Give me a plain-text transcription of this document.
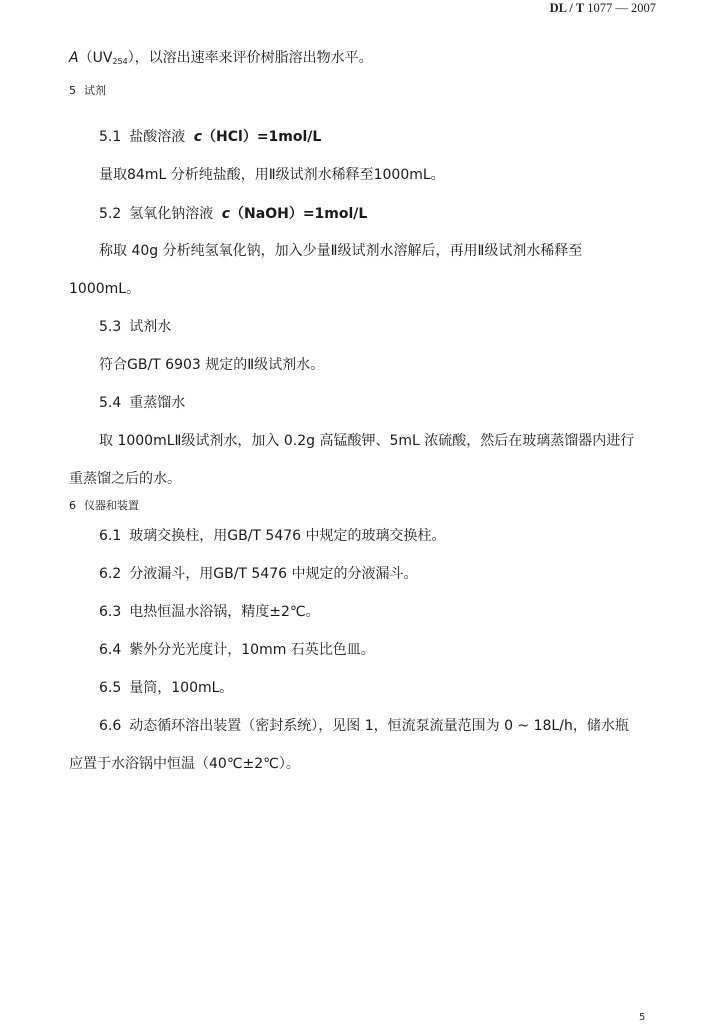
DL / T 1077 — 2007
A（UV254），以溶出速率来评价树脂溶出物水平。
5 试剂
5.1 盐酸溶液 c（HCl）=1mol/L
量取84mL 分析纯盐酸，用Ⅱ级试剂水稀释至1000mL。
5.2 氢氧化钠溶液 c（NaOH）=1mol/L
称取 40g 分析纯氢氧化钠，加入少量Ⅱ级试剂水溶解后，再用Ⅱ级试剂水稀释至
1000mL。
5.3 试剂水
符合GB/T 6903 规定的Ⅱ级试剂水。
5.4 重蒸馏水
取 1000mLⅡ级试剂水，加入 0.2g 高锰酸钾、5mL 浓硫酸，然后在玻璃蒸馏器内进行
重蒸馏之后的水。
6 仪器和装置
6.1 玻璃交换柱，用GB/T 5476 中规定的玻璃交换柱。
6.2 分液漏斗，用GB/T 5476 中规定的分液漏斗。
6.3 电热恒温水浴锅，精度±2℃。
6.4 紫外分光光度计，10mm 石英比色皿。
6.5 量筒，100mL。
6.6 动态循环溶出装置（密封系统），见图 1，恒流泵流量范围为 0 ~ 18L/h，储水瓶
应置于水浴锅中恒温（40℃±2℃）。
5
